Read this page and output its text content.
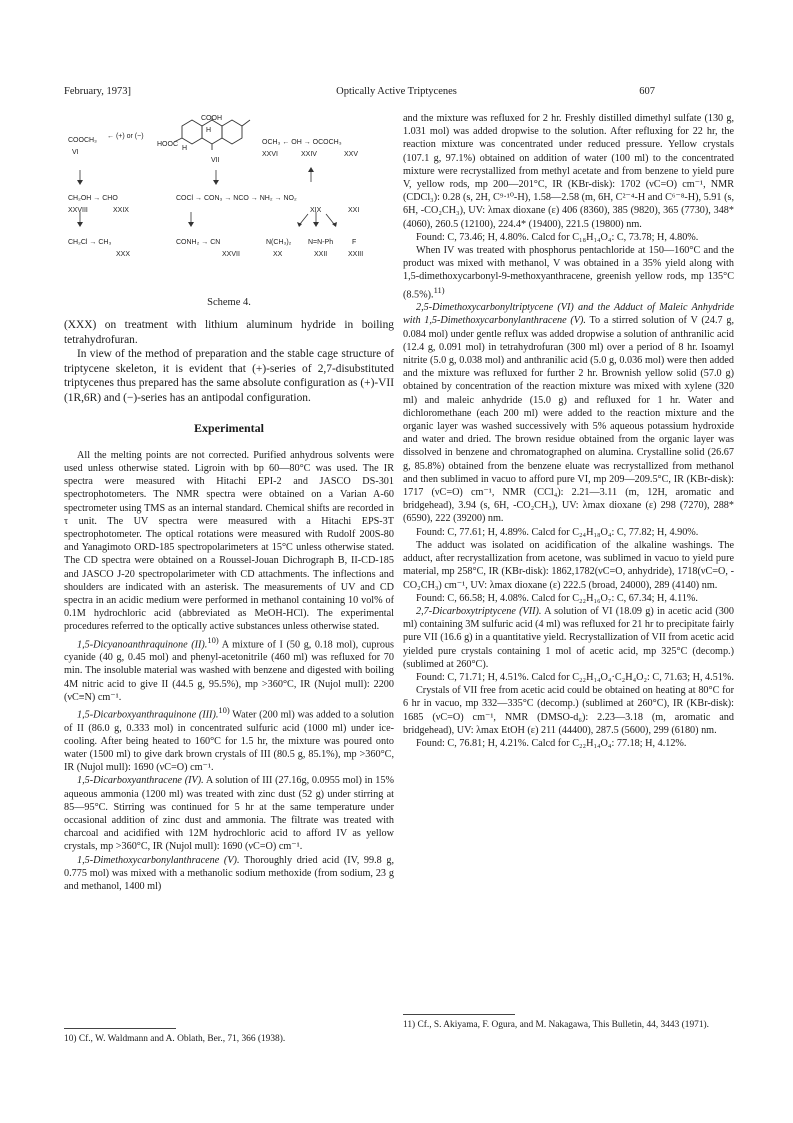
February, 1973]	Optically Active Triptycenes	607
COOH
H
H
HOOC
COOCH₃
← (+) or (−)
VI
VII
OCH₃ ← OH → OCOCH₃
XXVI	XXIV	XXV
CH₂OH → CHO
XXVIII	XXIX
COCl → CON₃ → NCO → NH₂ → NO₂
XIX	XXI
CH₂Cl → CH₃
XXX
CONH₂ → CN
XXVII
N(CH₃)₂
XX
N=N-Ph
XXII
F
XXIII
Scheme 4.

(XXX) on treatment with lithium aluminum hydride in boiling tetrahydrofuran.

In view of the method of preparation and the stable cage structure of triptycene skeleton, it is evident that (+)-series of 2,7-disubstituted triptycenes thus prepared has the same absolute configuration as (+)-VII (1R,6R) and (−)-series has an antipodal configuration.

Experimental

All the melting points are not corrected. Purified anhydrous solvents were used unless otherwise stated. Ligroin with bp 60—80°C was used. The IR spectra were measured with Hitachi EPI-2 and JASCO DS-301 spectrophotometers. The NMR spectra were obtained on a Varian A-60 spectrometer using TMS as an internal standard. Chemical shifts are recorded in τ unit. The UV spectra were measured with a Hitachi EPS-3T spectrophotometer. The optical rotations were measured with Rudolf 200S-80 and Yanagimoto ORD-185 spectropolarimeters at 15°C unless otherwise stated. The CD spectra were obtained on a Roussel-Jouan Dichrograph B, II-CD-185 and JASCO J-20 spectropolarimeter with CD attachments. The inflections and shoulders are indicated with an asterisk. The measurements of UV and CD spectra in an acidic medium were performed in methanol containing 10 vol% of 0.1M hydrochloric acid (abbreviated as MeOH-HCl). The experimental procedures referred to the optically active substances unless otherwise stated.

1,5-Dicyanoanthraquinone (II).$^{10)}$ A mixture of I (50 g, 0.18 mol), cuprous cyanide (40 g, 0.45 mol) and phenyl-acetonitrile (460 ml) was refluxed for 70 min. The insoluble material was washed with benzene and digested with boiling 4M nitric acid to give II (44.5 g, 95.5%), mp >360°C, IR (Nujol mull): 2200 (νC≡N) cm⁻¹.

1,5-Dicarboxyanthraquinone (III).$^{10)}$ Water (200 ml) was added to a solution of II (86.0 g, 0.333 mol) in concentrated sulfuric acid (1000 ml) under ice-cooling. After being heated to 160°C for 1.5 hr, the mixture was poured onto water (1500 ml) to give dark brown crystals of III (80.5 g, 85.1%), mp >360°C, IR (Nujol mull): 1690 (νC=O) cm⁻¹.

1,5-Dicarboxyanthracene (IV). A solution of III (27.16g, 0.0955 mol) in 15% aqueous ammonia (1200 ml) was treated with zinc dust (52 g) under stirring at 85—95°C. Stirring was continued for 5 hr at the same temperature under occasional addition of zinc dust and ammonia. The filtrate was treated with charcoal and acidified with 12M hydrochloric acid to afford IV as yellow crystals, mp >360°C, IR (Nujol mull): 1690 (νC=O) cm⁻¹.

1,5-Dimethoxycarbonylanthracene (V). Thoroughly dried acid (IV, 99.8 g, 0.775 mol) was mixed with a methanolic sodium methoxide (from sodium, 23 g and methanol, 1400 ml)

10) Cf., W. Waldmann and A. Oblath, Ber., 71, 366 (1938).

and the mixture was refluxed for 2 hr. Freshly distilled dimethyl sulfate (130 g, 1.031 mol) was added dropwise to the solution. After refluxing for 22 hr, the reaction mixture was concentrated under reduced pressure. Yellow crystals (107.1 g, 97.1%) obtained on addition of water (100 ml) to the concentrated mixture were recrystallized from methyl acetate and from benzene to yield pure V, yellow rods, mp 200—201°C, IR (KBr-disk): 1702 (νC=O) cm⁻¹, NMR (CDCl₃): 0.28 (s, 2H, C⁹·¹⁰-H), 1.58—2.58 (m, 6H, C²⁻⁴-H and C⁶⁻⁸-H), 5.91 (s, 6H, -CO₂CH₃), UV: λmax dioxane (ε) 406 (8360), 385 (9820), 365 (7730), 348* (4060), 260.5 (12100), 224.4* (19400), 221.5 (19800) nm.

Found: C, 73.46; H, 4.80%. Calcd for C₁₈H₁₄O₄: C, 73.78; H, 4.80%.

When IV was treated with phosphorus pentachloride at 150—160°C and the product was mixed with methanol, V was obtained in a 35% yield along with 1,5-dimethoxycarbonyl-9-methoxyanthracene, greenish yellow rods, mp 135°C (8.5%).$^{11)}$

2,5-Dimethoxycarbonyltriptycene (VI) and the Adduct of Maleic Anhydride with 1,5-Dimethoxycarbonylanthracene (V). To a stirred solution of V (24.7 g, 0.084 mol) under gentle reflux was added dropwise a solution of anthranilic acid (12.4 g, 0.091 mol) in tetrahydrofuran (300 ml) over a period of 8 hr. Isoamyl nitrite (5.0 g, 0.038 mol) and anthranilic acid (5.0 g, 0.036 mol) were then added and the mixture was refluxed for further 2 hr. Brownish yellow solid (57.0 g) obtained by concentration of the reaction mixture was mixed with xylene (320 ml) and maleic anhydride (15.0 g) and refluxed for 1 hr. Water and dichloromethane (each 200 ml) were added to the reaction mixture and the organic layer was washed successively with 5% aqueous potassium hydroxide and water and dried. The brown residue obtained from the organic layer was dissolved in benzene and chromatographed on alumina. Crystalline solid (26.67 g, 85.8%) obtained from the benzene eluate was recrystallized from methanol and then sublimed in vacuo to afford pure VI, mp 209—209.5°C, IR (KBr-disk): 1717 (νC=O) cm⁻¹, NMR (CCl₄): 2.21—3.11 (m, 12H, aromatic and bridgehead), 3.94 (s, 6H, -CO₂CH₃), UV: λmax dioxane (ε) 298 (7270), 288* (6590), 222 (39200) nm.

Found: C, 77.61; H, 4.89%. Calcd for C₂₄H₁₈O₄: C, 77.82; H, 4.90%.

The adduct was isolated on acidification of the alkaline washings. The adduct, after recrystallization from acetone, was sublimed in vacuo to yield pure material, mp 258°C, IR (KBr-disk): 1862,1782(νC=O, anhydride), 1718(νC=O, -CO₂CH₃) cm⁻¹, UV: λmax dioxane (ε) 222.5 (broad, 24000), 289 (4140) nm.

Found: C, 66.58; H, 4.08%. Calcd for C₂₂H₁₆O₇: C, 67.34; H, 4.11%.

2,7-Dicarboxytriptycene (VII). A solution of VI (18.09 g) in acetic acid (300 ml) containing 3M sulfuric acid (4 ml) was refluxed for 21 hr to precipitate fairly pure VII (16.6 g) in a quantitative yield. Recrystallization of VII from acetic acid yielded pure crystals containing 1 mol of acetic acid, mp 325°C (decomp.) (sublimed at 260°C).

Found: C, 71.71; H, 4.51%. Calcd for C₂₂H₁₄O₄·C₂H₄O₂: C, 71.63; H, 4.51%.

Crystals of VII free from acetic acid could be obtained on heating at 80°C for 6 hr in vacuo, mp 332—335°C (decomp.) (sublimed at 260°C), IR (KBr-disk): 1685 (νC=O) cm⁻¹, NMR (DMSO-d₆): 2.23—3.18 (m, aromatic and bridgehead), UV: λmax EtOH (ε) 211 (44400), 287.5 (5600), 299 (6180) nm.

Found: C, 76.81; H, 4.21%. Calcd for C₂₂H₁₄O₄: 77.18; H, 4.12%.

11) Cf., S. Akiyama, F. Ogura, and M. Nakagawa, This Bulletin, 44, 3443 (1971).
